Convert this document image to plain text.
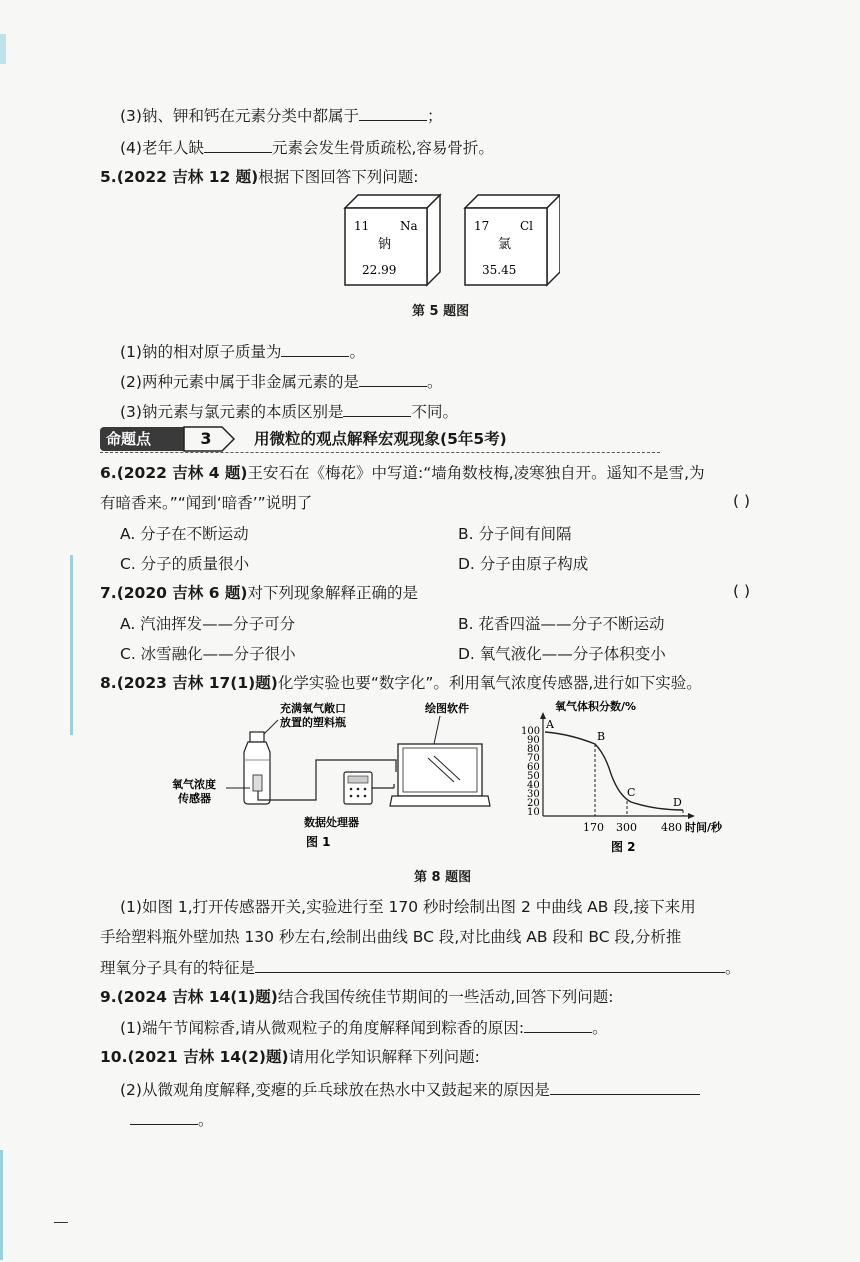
(3)钠、钾和钙在元素分类中都属于	；
(4)老年人缺	元素会发生骨质疏松,容易骨折。
5.(2022 吉林 12 题)根据下图回答下列问题:
11	Na
钠
22.99
17	Cl
氯
35.45
第 5 题图
(1)钠的相对原子质量为	。
(2)两种元素中属于非金属元素的是	。
(3)钠元素与氯元素的本质区别是	不同。
命题点	3	用微粒的观点解释宏观现象(5年5考)
6.(2022 吉林 4 题)王安石在《梅花》中写道:“墙角数枝梅,凌寒独自开。遥知不是雪,为
有暗香来。”“闻到‘暗香’”说明了	( )
A. 分子在不断运动	B. 分子间有间隔
C. 分子的质量很小	D. 分子由原子构成
7.(2020 吉林 6 题)对下列现象解释正确的是	( )
A. 汽油挥发——分子可分	B. 花香四溢——分子不断运动
C. 冰雪融化——分子很小	D. 氧气液化——分子体积变小
8.(2023 吉林 17(1)题)化学实验也要“数字化”。利用氧气浓度传感器,进行如下实验。
充满氧气敞口
放置的塑料瓶
氧气浓度
传感器
数据处理器
绘图软件
图 1
氧气体积分数/%
100
90
80
70
60
50
40
30
20
10
A
B
C
D
170 300 480 时间/秒
图 2
第 8 题图
(1)如图 1,打开传感器开关,实验进行至 170 秒时绘制出图 2 中曲线 AB 段,接下来用
手给塑料瓶外壁加热 130 秒左右,绘制出曲线 BC 段,对比曲线 AB 段和 BC 段,分析推
理氧分子具有的特征是	。
9.(2024 吉林 14(1)题)结合我国传统佳节期间的一些活动,回答下列问题:
(1)端午节闻粽香,请从微观粒子的角度解释闻到粽香的原因:	。
10.(2021 吉林 14(2)题)请用化学知识解释下列问题:
(2)从微观角度解释,变瘪的乒乓球放在热水中又鼓起来的原因是
。
